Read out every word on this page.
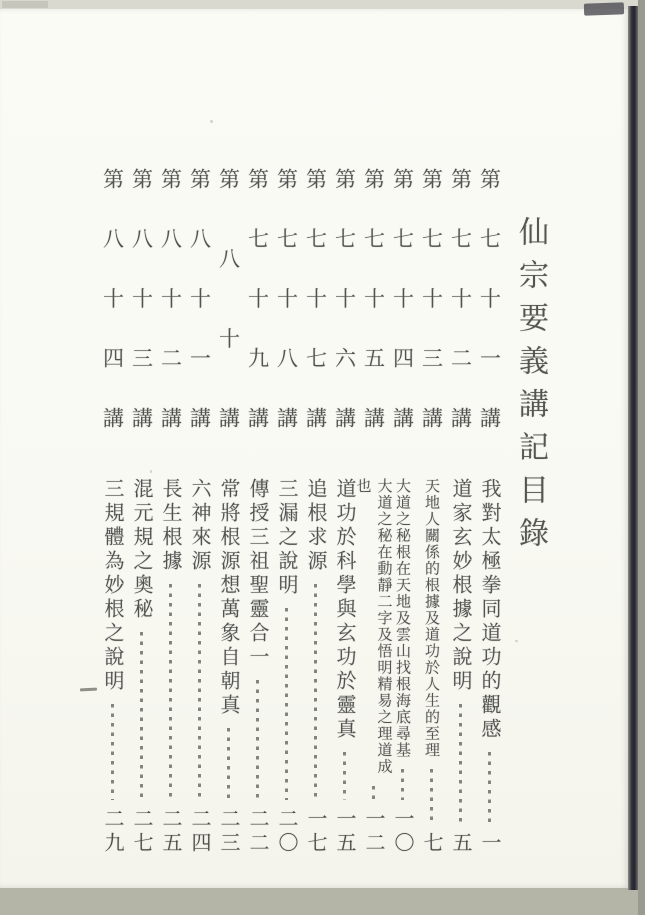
仙宗要義講記目錄
第七十一講
我對太極拳同道功的觀感
一
第七十二講
道家玄妙根據之說明
五
第七十三講
天地人關係的根據及道功於人生的至理
七
第七十四講
大道之秘根在天地及雲山找根海底尋基
一〇
第七十五講
大道之秘在動靜二字及悟明精易之理道成也
一二
第七十六講
道功於科學與玄功於靈真
一五
第七十七講
追根求源
一七
第七十八講
三漏之說明
二〇
第七十九講
傳授三祖聖靈合一
二二
第八十講
常將根源想萬象自朝真
二三
第八十一講
六神來源
二四
第八十二講
長生根據
二五
第八十三講
混元規之奧秘
二七
第八十四講
三規體為妙根之說明
二九
